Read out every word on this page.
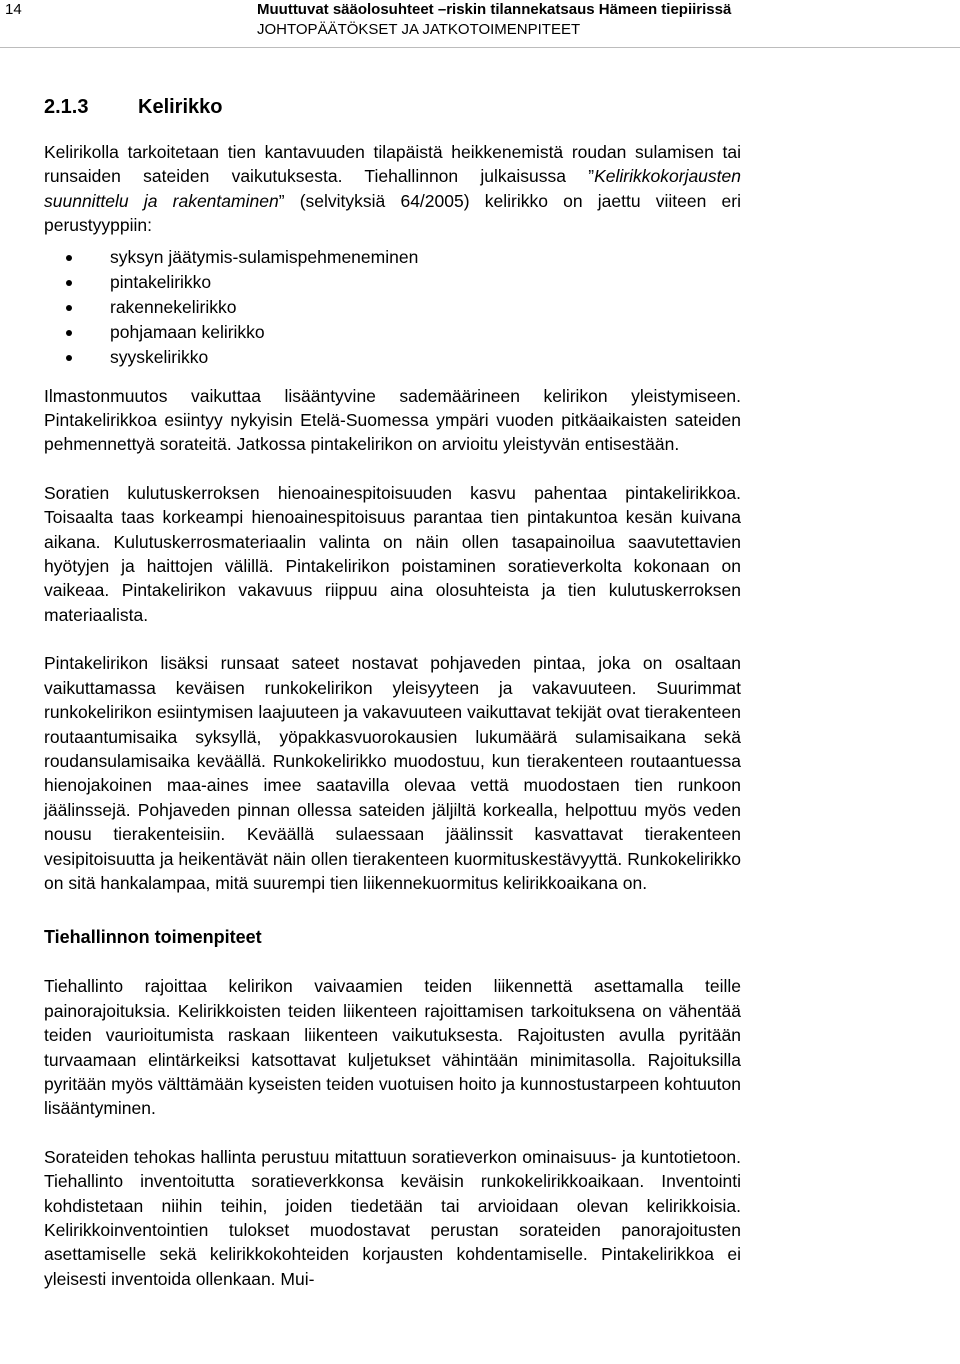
14	Muuttuvat sääolosuhteet –riskin tilannekatsaus Hämeen tiepiirissä
JOHTOPÄÄTÖKSET JA JATKOTOIMENPITEET
2.1.3 Kelirikko

Kelirikolla tarkoitetaan tien kantavuuden tilapäistä heikkenemistä roudan sulamisen tai runsaiden sateiden vaikutuksesta. Tiehallinnon julkaisussa ”Kelirikkokorjausten suunnittelu ja rakentaminen” (selvityksiä 64/2005) kelirikko on jaettu viiteen eri perustyyppiin:

syksyn jäätymis-sulamispehmeneminen
pintakelirikko
rakennekelirikko
pohjamaan kelirikko
syyskelirikko

Ilmastonmuutos vaikuttaa lisääntyvine sademäärineen kelirikon yleistymiseen. Pintakelirikkoa esiintyy nykyisin Etelä-Suomessa ympäri vuoden pitkäaikaisten sateiden pehmennettyä sorateitä. Jatkossa pintakelirikon on arvioitu yleistyvän entisestään.

Soratien kulutuskerroksen hienoainespitoisuuden kasvu pahentaa pintakelirikkoa. Toisaalta taas korkeampi hienoainespitoisuus parantaa tien pintakuntoa kesän kuivana aikana. Kulutuskerrosmateriaalin valinta on näin ollen tasapainoilua saavutettavien hyötyjen ja haittojen välillä. Pintakelirikon poistaminen soratieverkolta kokonaan on vaikeaa. Pintakelirikon vakavuus riippuu aina olosuhteista ja tien kulutuskerroksen materiaalista.

Pintakelirikon lisäksi runsaat sateet nostavat pohjaveden pintaa, joka on osaltaan vaikuttamassa keväisen runkokelirikon yleisyyteen ja vakavuuteen. Suurimmat runkokelirikon esiintymisen laajuuteen ja vakavuuteen vaikuttavat tekijät ovat tierakenteen routaantumisaika syksyllä, yöpakkasvuorokausien lukumäärä sulamisaikana sekä roudansulamisaika keväällä. Runkokelirikko muodostuu, kun tierakenteen routaantuessa hienojakoinen maa-aines imee saatavilla olevaa vettä muodostaen tien runkoon jäälinssejä. Pohjaveden pinnan ollessa sateiden jäljiltä korkealla, helpottuu myös veden nousu tierakenteisiin. Keväällä sulaessaan jäälinssit kasvattavat tierakenteen vesipitoisuutta ja heikentävät näin ollen tierakenteen kuormituskestävyyttä. Runkokelirikko on sitä hankalampaa, mitä suurempi tien liikennekuormitus kelirikkoaikana on.

Tiehallinnon toimenpiteet

Tiehallinto rajoittaa kelirikon vaivaamien teiden liikennettä asettamalla teille painorajoituksia. Kelirikkoisten teiden liikenteen rajoittamisen tarkoituksena on vähentää teiden vaurioitumista raskaan liikenteen vaikutuksesta. Rajoitusten avulla pyritään turvaamaan elintärkeiksi katsottavat kuljetukset vähintään minimitasolla. Rajoituksilla pyritään myös välttämään kyseisten teiden vuotuisen hoito ja kunnostustarpeen kohtuuton lisääntyminen.

Sorateiden tehokas hallinta perustuu mitattuun soratieverkon ominaisuus- ja kuntotietoon. Tiehallinto inventoitutta soratieverkkonsa keväisin runkokelirikkoaikaan. Inventointi kohdistetaan niihin teihin, joiden tiedetään tai arvioidaan olevan kelirikkoisia. Kelirikkoinventointien tulokset muodostavat perustan sorateiden panorajoitusten asettamiselle sekä kelirikkokohteiden korjausten kohdentamiselle. Pintakelirikkoa ei yleisesti inventoida ollenkaan. Mui-
